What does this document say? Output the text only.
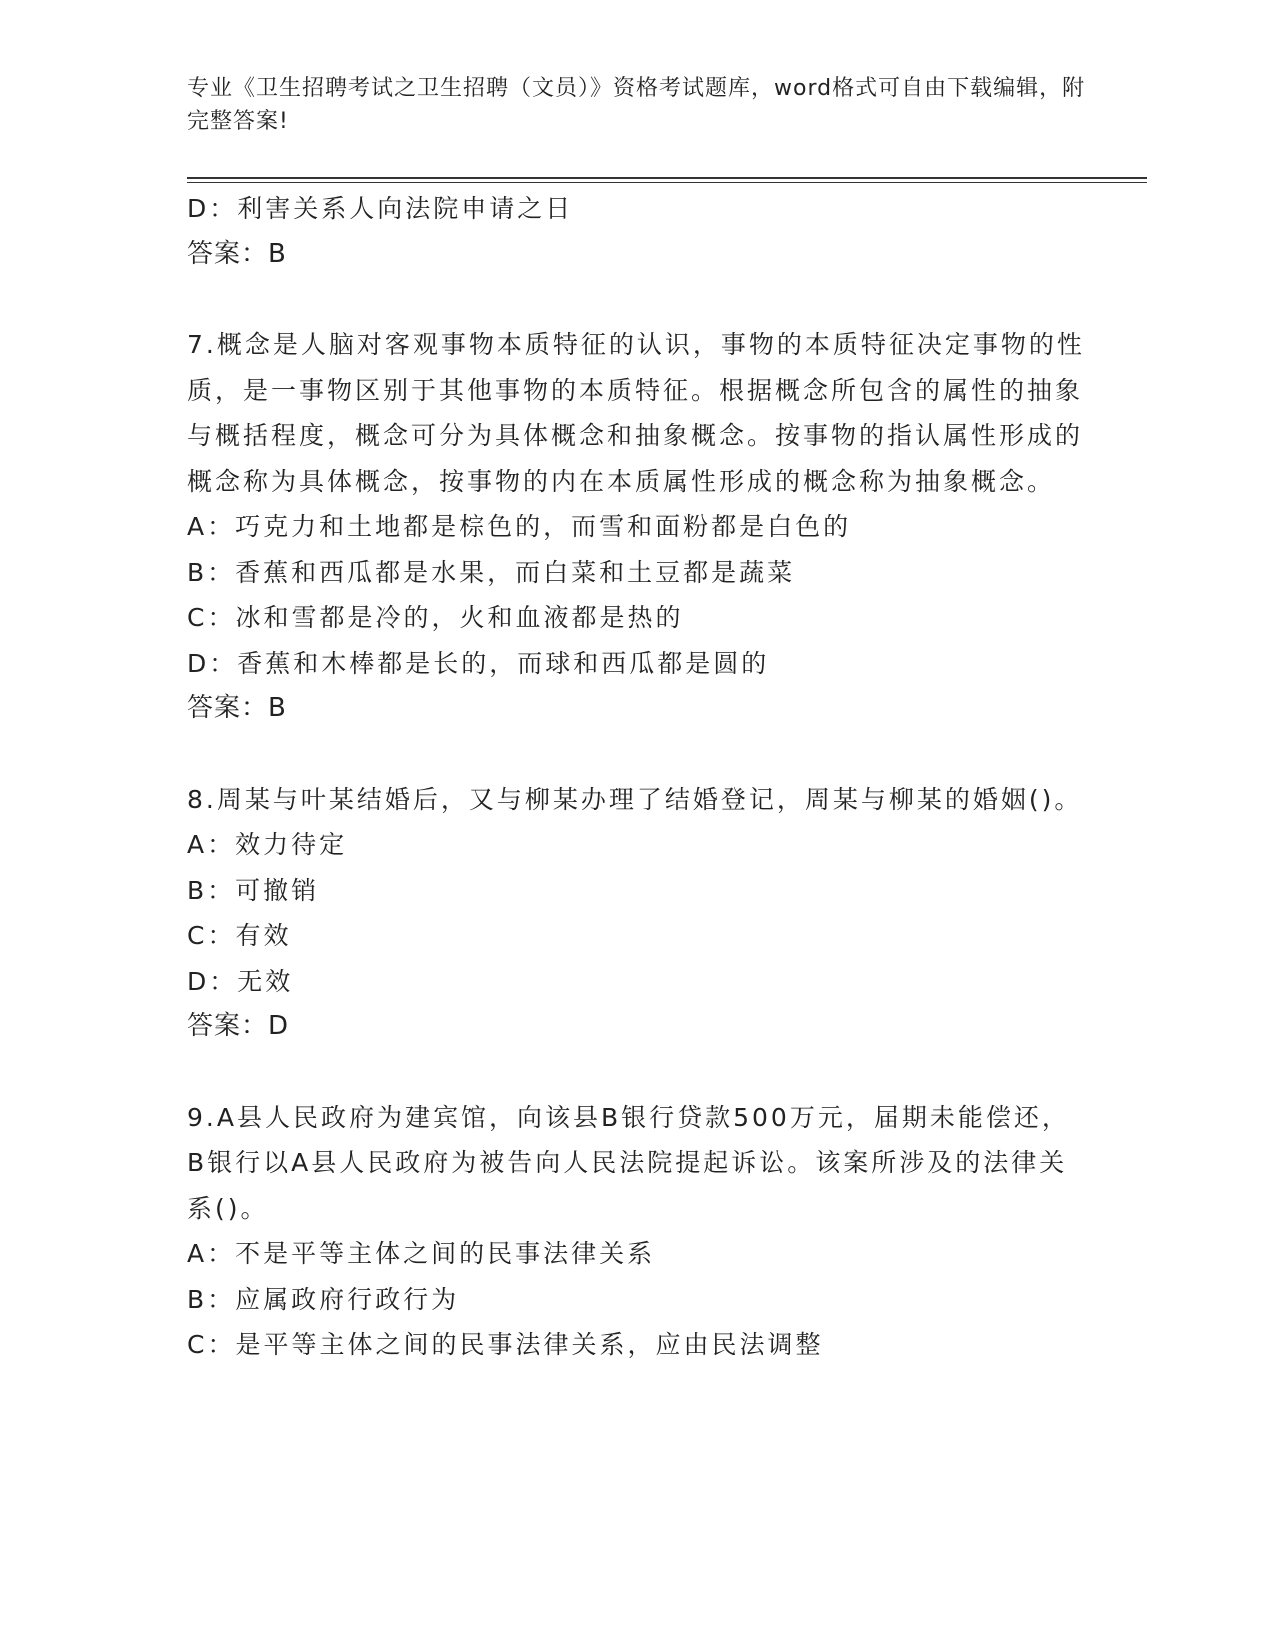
专业《卫生招聘考试之卫生招聘（文员）》资格考试题库，word格式可自由下载编辑，附完整答案!
D：利害关系人向法院申请之日
答案：B
7.概念是人脑对客观事物本质特征的认识，事物的本质特征决定事物的性质，是一事物区别于其他事物的本质特征。根据概念所包含的属性的抽象与概括程度，概念可分为具体概念和抽象概念。按事物的指认属性形成的概念称为具体概念，按事物的内在本质属性形成的概念称为抽象概念。
A：巧克力和土地都是棕色的，而雪和面粉都是白色的
B：香蕉和西瓜都是水果，而白菜和土豆都是蔬菜
C：冰和雪都是冷的，火和血液都是热的
D：香蕉和木棒都是长的，而球和西瓜都是圆的
答案：B
8.周某与叶某结婚后，又与柳某办理了结婚登记，周某与柳某的婚姻()。
A：效力待定
B：可撤销
C：有效
D：无效
答案：D
9.A县人民政府为建宾馆，向该县B银行贷款500万元，届期未能偿还，B银行以A县人民政府为被告向人民法院提起诉讼。该案所涉及的法律关系()。
A：不是平等主体之间的民事法律关系
B：应属政府行政行为
C：是平等主体之间的民事法律关系，应由民法调整
